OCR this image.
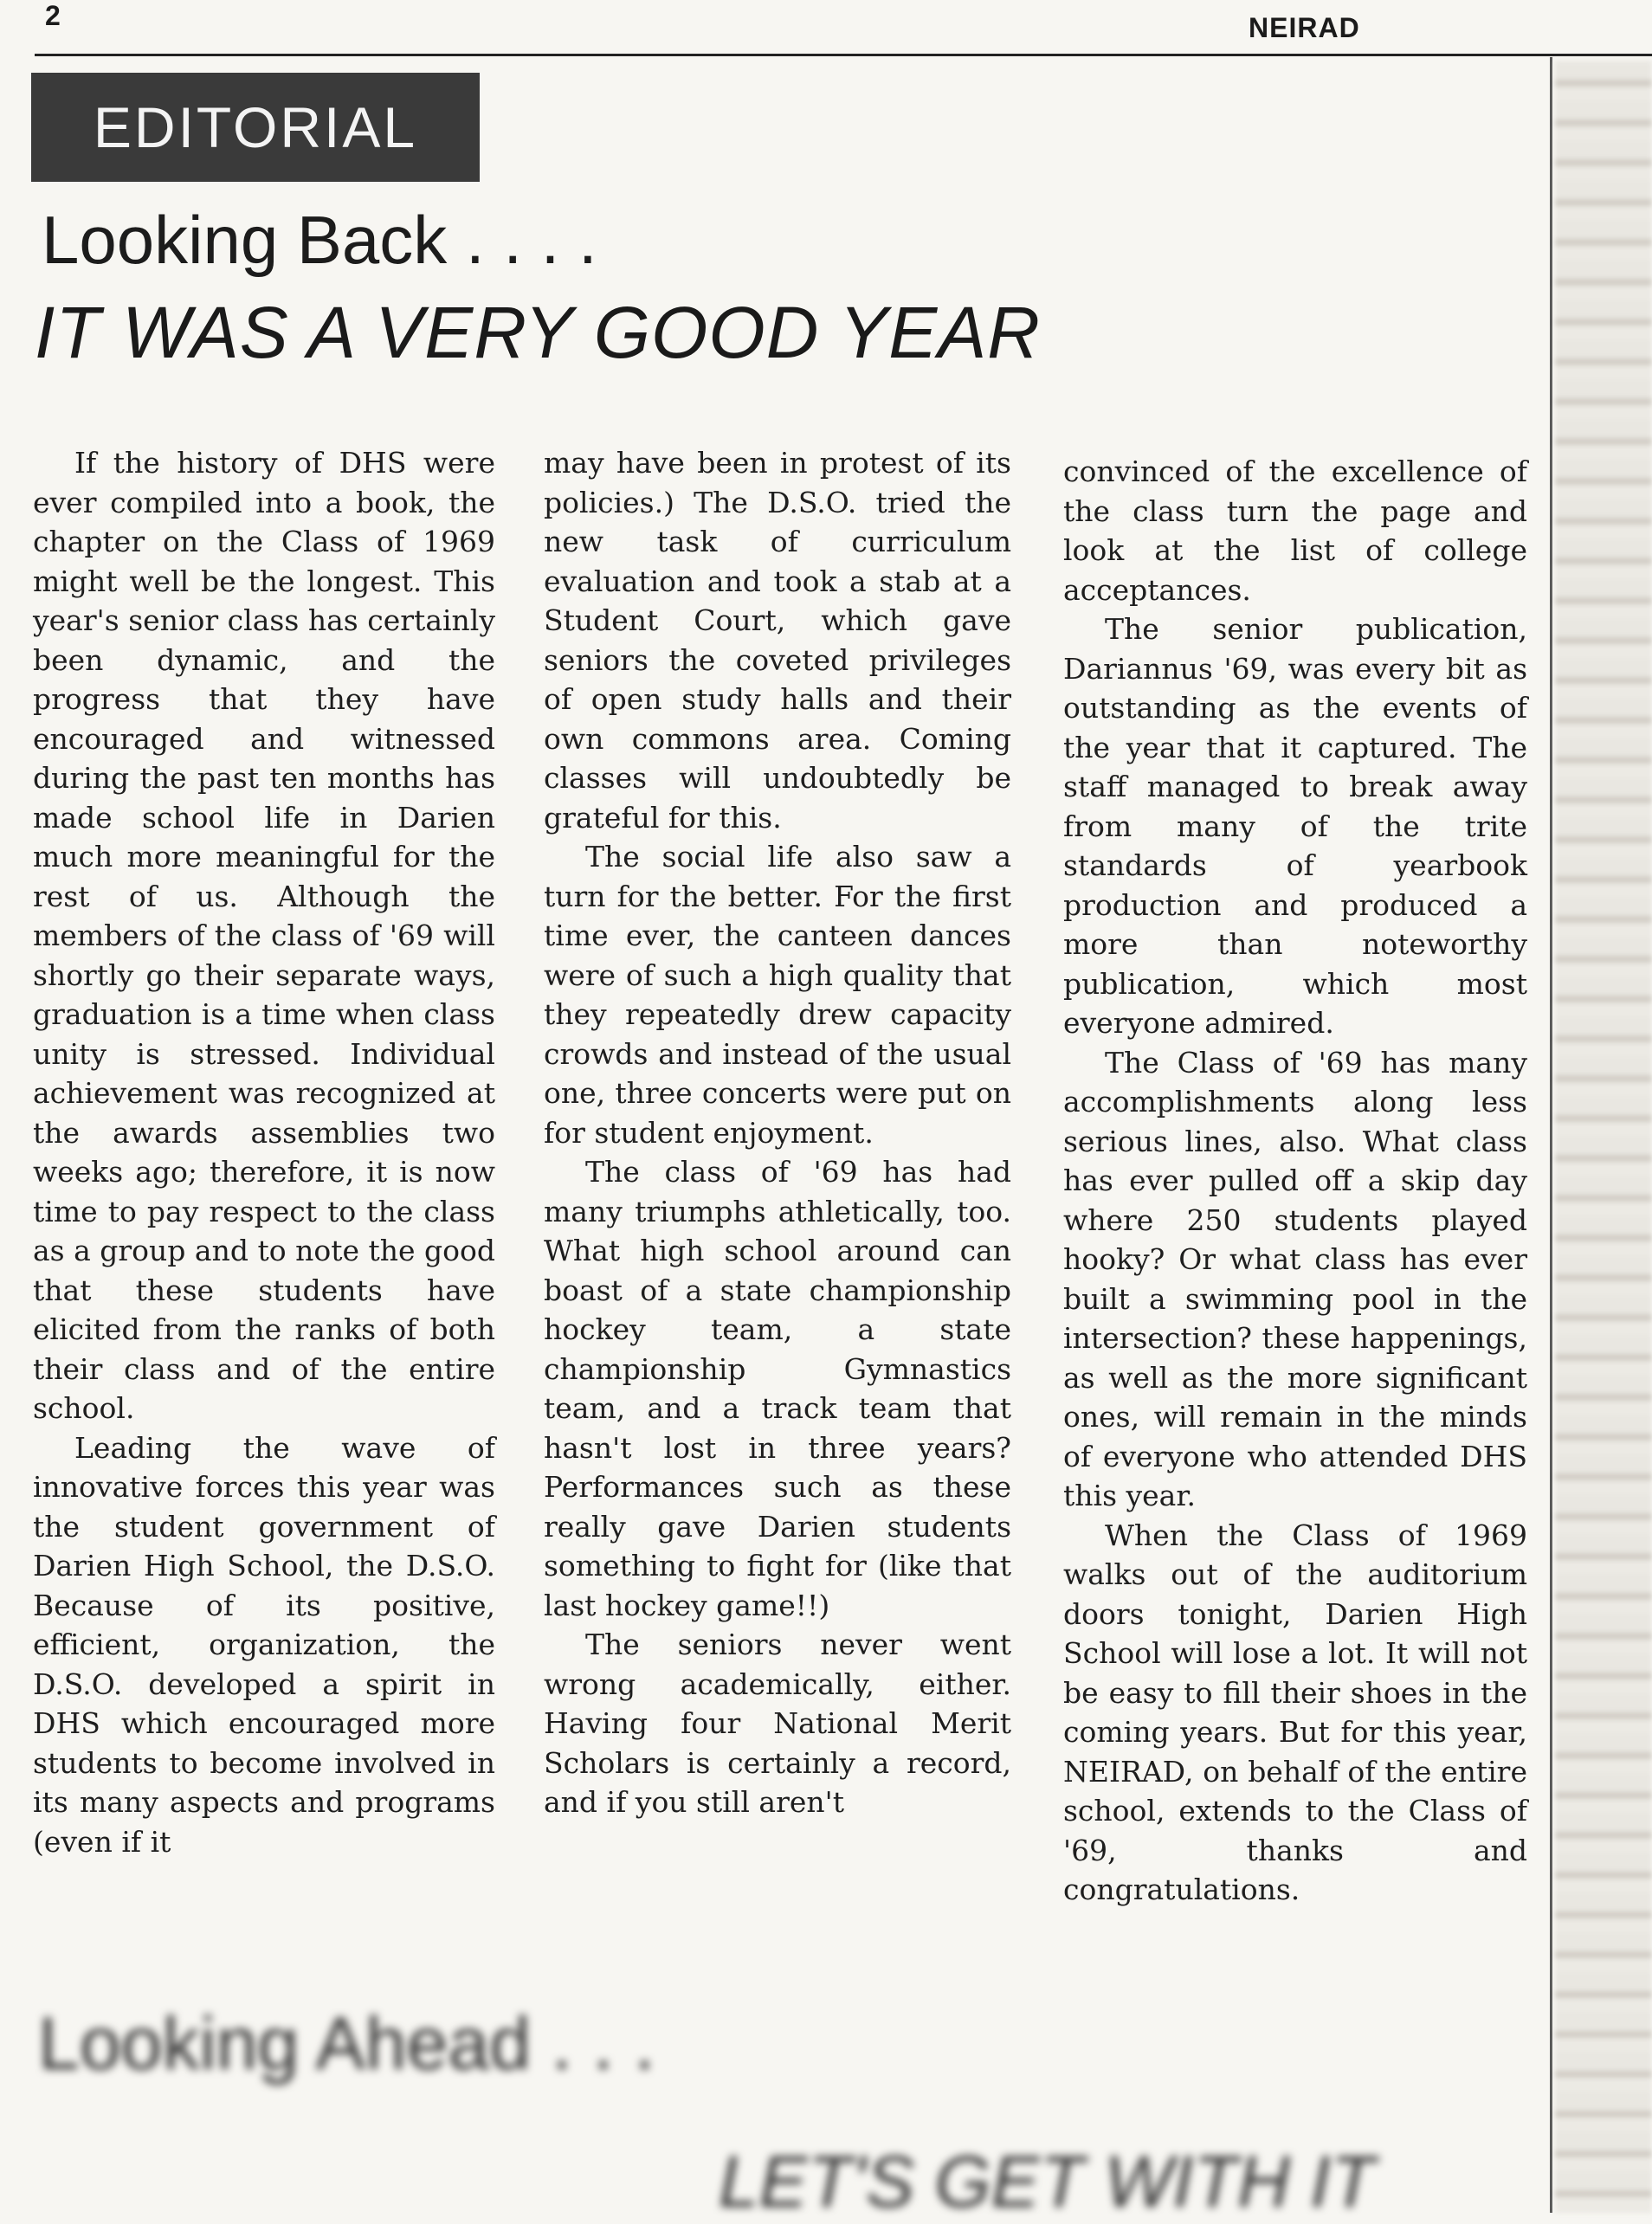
2	NEIRAD
EDITORIAL
Looking Back . . . .
IT WAS A VERY GOOD YEAR

If the history of DHS were ever compiled into a book, the chapter on the Class of 1969 might well be the longest. This year's senior class has certainly been dynamic, and the progress that they have encouraged and witnessed during the past ten months has made school life in Darien much more meaningful for the rest of us. Although the members of the class of '69 will shortly go their separate ways, graduation is a time when class unity is stressed. Individual achievement was recognized at the awards assemblies two weeks ago; therefore, it is now time to pay respect to the class as a group and to note the good that these students have elicited from the ranks of both their class and of the entire school.

Leading the wave of innovative forces this year was the student government of Darien High School, the D.S.O. Because of its positive, efficient, organization, the D.S.O. developed a spirit in DHS which encouraged more students to become involved in its many aspects and programs (even if it

may have been in protest of its policies.) The D.S.O. tried the new task of curriculum evaluation and took a stab at a Student Court, which gave seniors the coveted privileges of open study halls and their own commons area. Coming classes will undoubtedly be grateful for this.

The social life also saw a turn for the better. For the first time ever, the canteen dances were of such a high quality that they repeatedly drew capacity crowds and instead of the usual one, three concerts were put on for student enjoyment.

The class of '69 has had many triumphs athletically, too. What high school around can boast of a state championship hockey team, a state championship Gymnastics team, and a track team that hasn't lost in three years? Performances such as these really gave Darien students something to fight for (like that last hockey game!!)

The seniors never went wrong academically, either. Having four National Merit Scholars is certainly a record, and if you still aren't

convinced of the excellence of the class turn the page and look at the list of college acceptances.

The senior publication, Dariannus '69, was every bit as outstanding as the events of the year that it captured. The staff managed to break away from many of the trite standards of yearbook production and produced a more than noteworthy publication, which most everyone admired.

The Class of '69 has many accomplishments along less serious lines, also. What class has ever pulled off a skip day where 250 students played hooky? Or what class has ever built a swimming pool in the intersection? these happenings, as well as the more significant ones, will remain in the minds of everyone who attended DHS this year.

When the Class of 1969 walks out of the auditorium doors tonight, Darien High School will lose a lot. It will not be easy to fill their shoes in the coming years. But for this year, NEIRAD, on behalf of the entire school, extends to the Class of '69, thanks and congratulations.

Looking Ahead . . .
LET'S GET WITH IT
